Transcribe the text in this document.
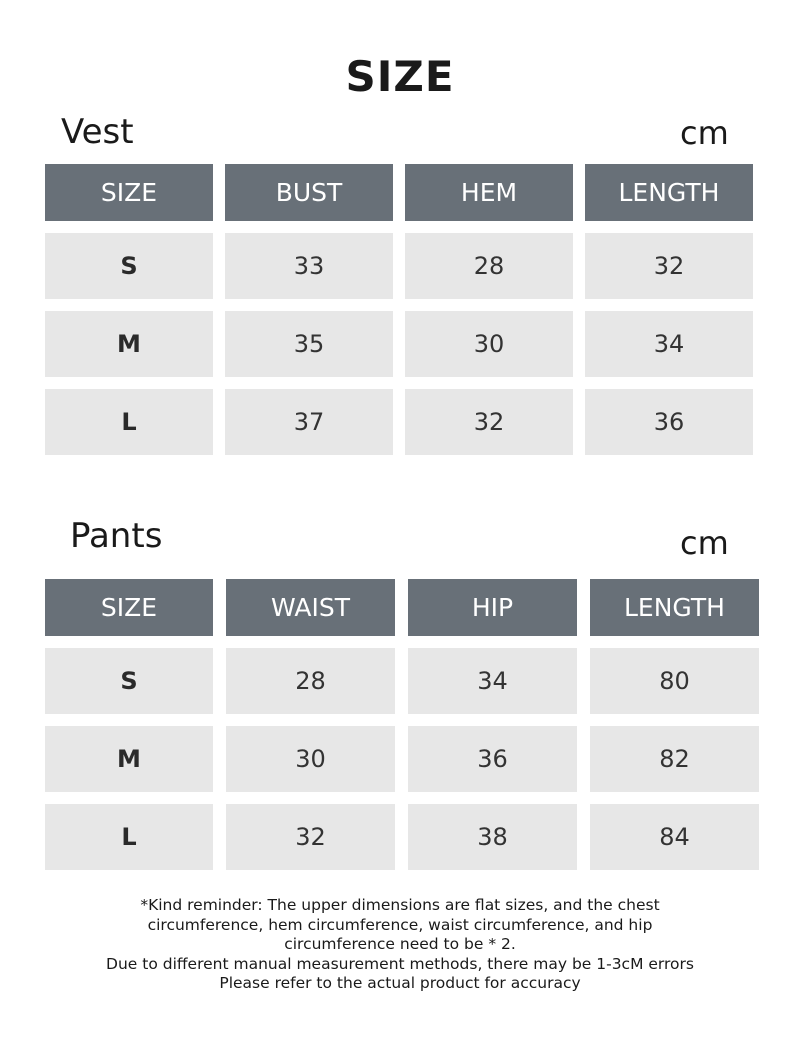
SIZE
Vest	cm
SIZE	BUST	HEM	LENGTH
S	33	28	32
M	35	30	34
L	37	32	36
Pants	cm
SIZE	WAIST	HIP	LENGTH
S	28	34	80
M	30	36	82
L	32	38	84
*Kind reminder: The upper dimensions are flat sizes, and the chest
circumference, hem circumference, waist circumference, and hip
circumference need to be * 2.
Due to different manual measurement methods, there may be 1-3cM errors
Please refer to the actual product for accuracy
